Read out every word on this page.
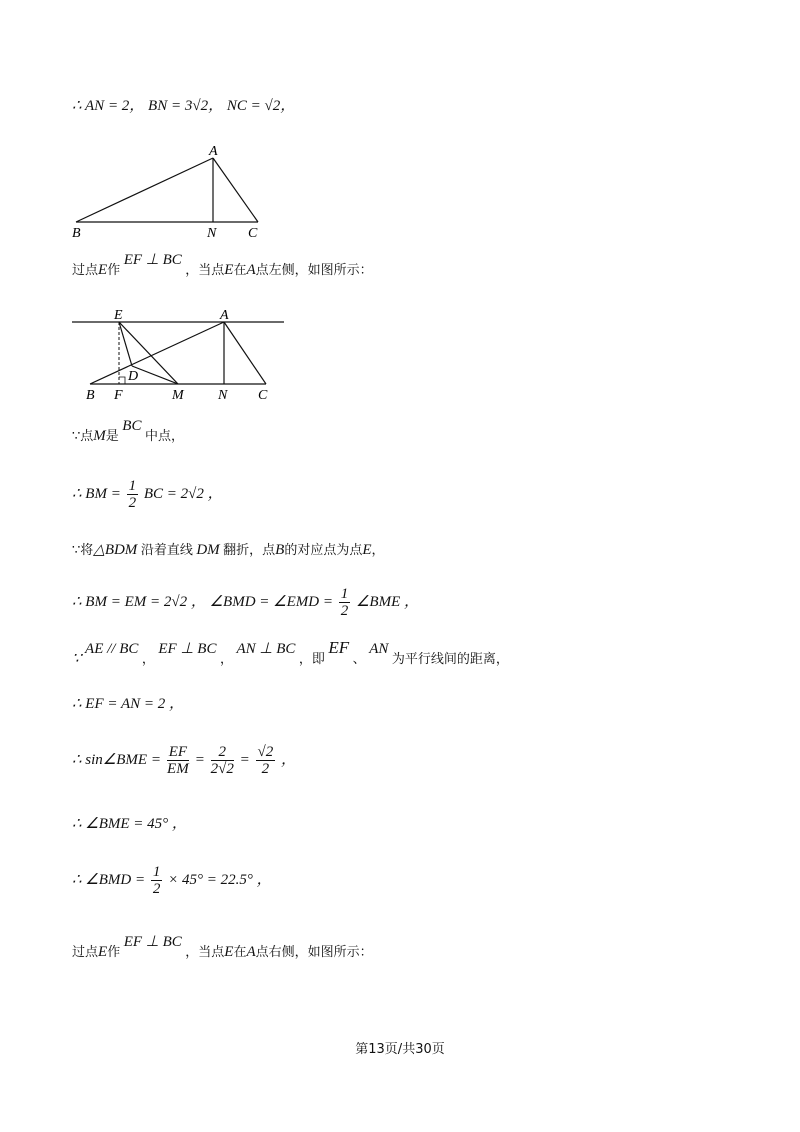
∴ AN = 2， BN = 3√2， NC = √2，
A
B	N C
过点E作 EF ⊥ BC ，当点E在A点左侧，如图所示：
E	A
D
B F	M N C
∵点M是 BC 中点，
∴ BM = $\frac{1}{2}$ BC = 2√2 ，
∵将△BDM 沿着直线 DM 翻折，点B的对应点为点E，
∴ BM = EM = 2√2 ， ∠BMD = ∠EMD = $\frac{1}{2}$ ∠BME ，
∵ AE // BC ， EF ⊥ BC ， AN ⊥ BC ，即 EF 、 AN 为平行线间的距离，
∴ EF = AN = 2 ，
∴ sin∠BME = $\frac{EF}{EM} = \frac{2}{2√2} = \frac{√2}{2}$ ，
∴ ∠BME = 45° ，
∴ ∠BMD = $\frac{1}{2} \times 45^\circ = 22.5^\circ$ ，
过点E作 EF ⊥ BC ，当点E在A点右侧，如图所示：
第13页/共30页
